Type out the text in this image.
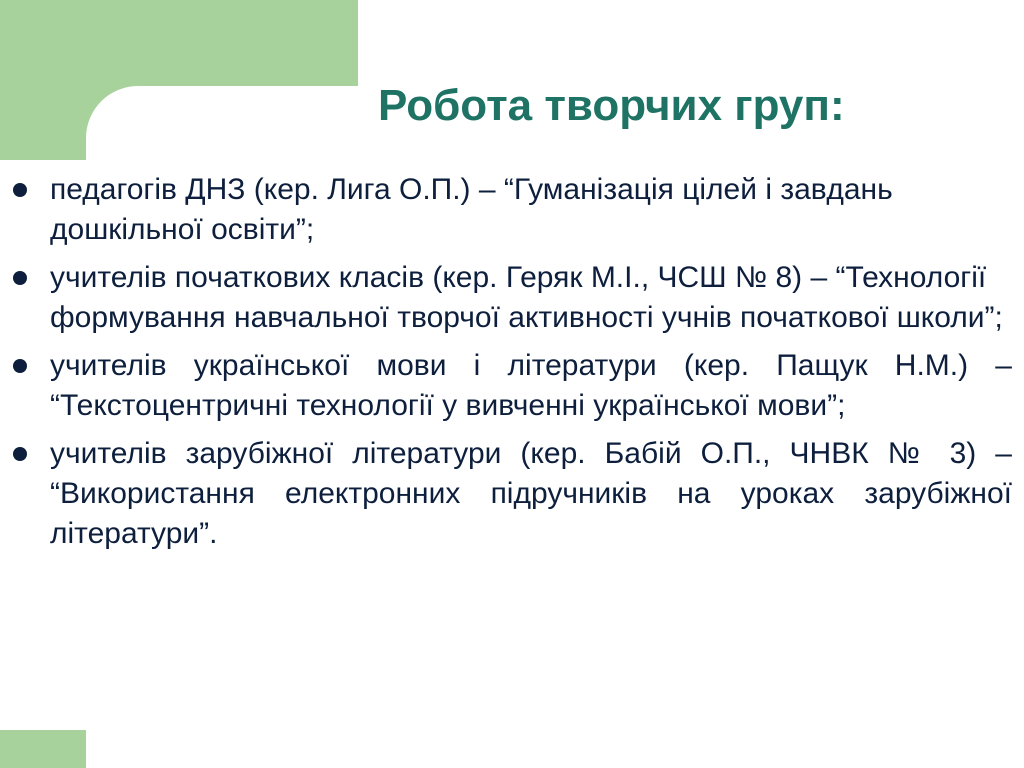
Робота творчих груп:
педагогів ДНЗ (кер. Лига О.П.) – “Гуманізація цілей і завдань дошкільної освіти”;
учителів початкових класів (кер. Геряк М.І., ЧСШ № 8) – “Технології формування навчальної творчої активності учнів початкової школи”;
учителів української мови і літератури (кер. Пащук Н.М.) – “Текстоцентричні технології у вивченні української мови”;
учителів зарубіжної літератури (кер. Бабій О.П., ЧНВК № 3) – “Використання електронних підручників на уроках зарубіжної літератури”.
